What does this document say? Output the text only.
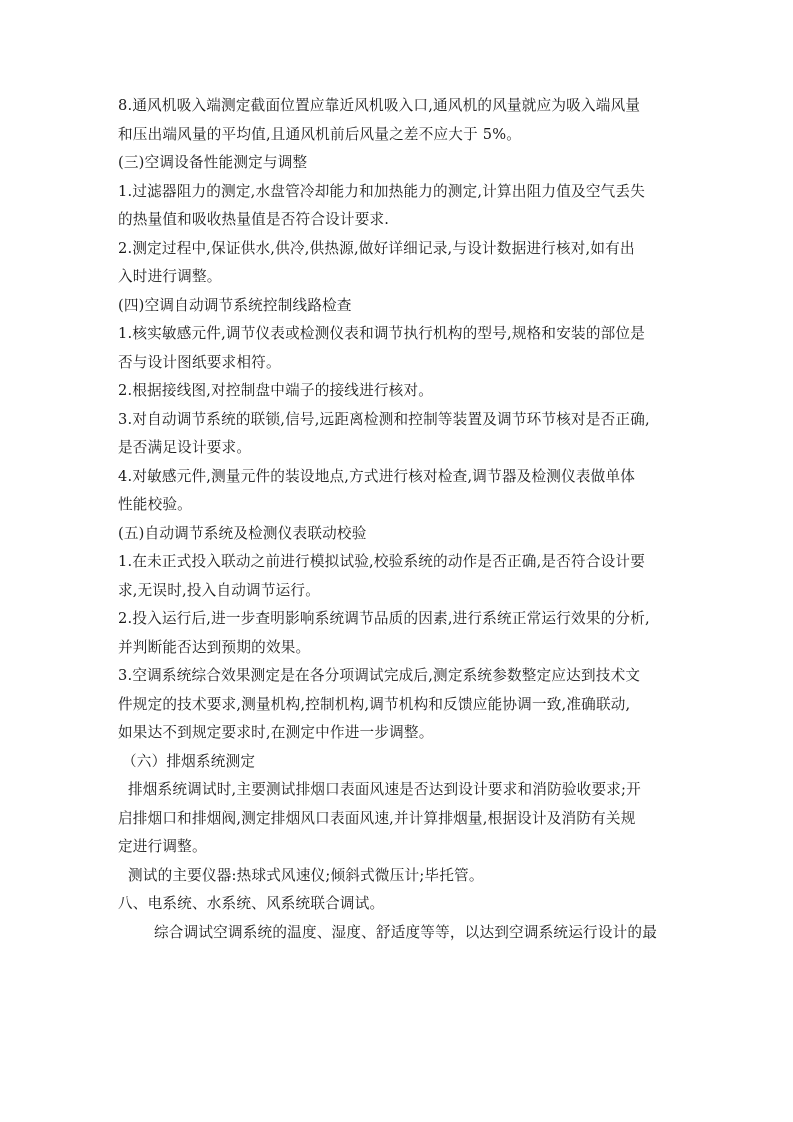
8.通风机吸入端测定截面位置应靠近风机吸入口,通风机的风量就应为吸入端风量
和压出端风量的平均值,且通风机前后风量之差不应大于 5%。

(三)空调设备性能测定与调整

1.过滤器阻力的测定,水盘管冷却能力和加热能力的测定,计算出阻力值及空气丢失
的热量值和吸收热量值是否符合设计要求.

2.测定过程中,保证供水,供冷,供热源,做好详细记录,与设计数据进行核对,如有出
入时进行调整。

(四)空调自动调节系统控制线路检查

1.核实敏感元件,调节仪表或检测仪表和调节执行机构的型号,规格和安装的部位是
否与设计图纸要求相符。

2.根据接线图,对控制盘中端子的接线进行核对。

3.对自动调节系统的联锁,信号,远距离检测和控制等装置及调节环节核对是否正确,
是否满足设计要求。

4.对敏感元件,测量元件的装设地点,方式进行核对检查,调节器及检测仪表做单体
性能校验。

(五)自动调节系统及检测仪表联动校验

1.在未正式投入联动之前进行模拟试验,校验系统的动作是否正确,是否符合设计要
求,无误时,投入自动调节运行。

2.投入运行后,进一步查明影响系统调节品质的因素,进行系统正常运行效果的分析,
并判断能否达到预期的效果。

3.空调系统综合效果测定是在各分项调试完成后,测定系统参数整定应达到技术文
件规定的技术要求,测量机构,控制机构,调节机构和反馈应能协调一致,准确联动,
如果达不到规定要求时,在测定中作进一步调整。

（六）排烟系统测定

排烟系统调试时,主要测试排烟口表面风速是否达到设计要求和消防验收要求;开
启排烟口和排烟阀,测定排烟风口表面风速,并计算排烟量,根据设计及消防有关规
定进行调整。

测试的主要仪器:热球式风速仪;倾斜式微压计;毕托管。

八、电系统、水系统、风系统联合调试。

综合调试空调系统的温度、湿度、舒适度等等，以达到空调系统运行设计的最
